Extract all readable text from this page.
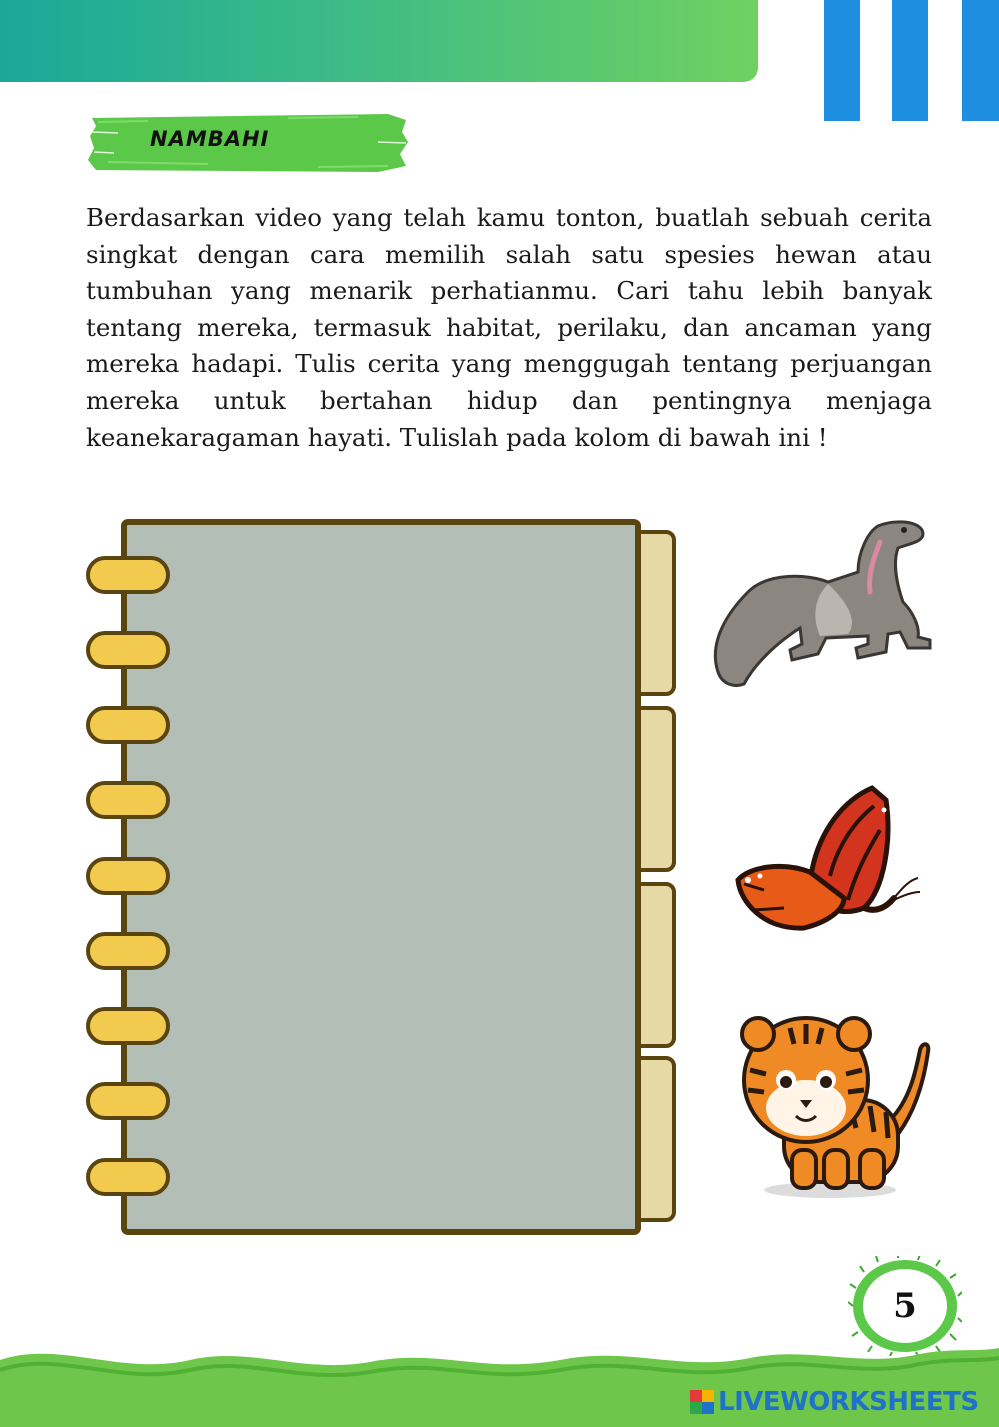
NAMBAHI

Berdasarkan video yang telah kamu tonton, buatlah sebuah cerita singkat dengan cara memilih salah satu spesies hewan atau tumbuhan yang menarik perhatianmu. Cari tahu lebih banyak tentang mereka, termasuk habitat, perilaku, dan ancaman yang mereka hadapi. Tulis cerita yang menggugah tentang perjuangan mereka untuk bertahan hidup dan pentingnya menjaga keanekaragaman hayati. Tulislah pada kolom di bawah ini !

5
LIVEWORKSHEETS
